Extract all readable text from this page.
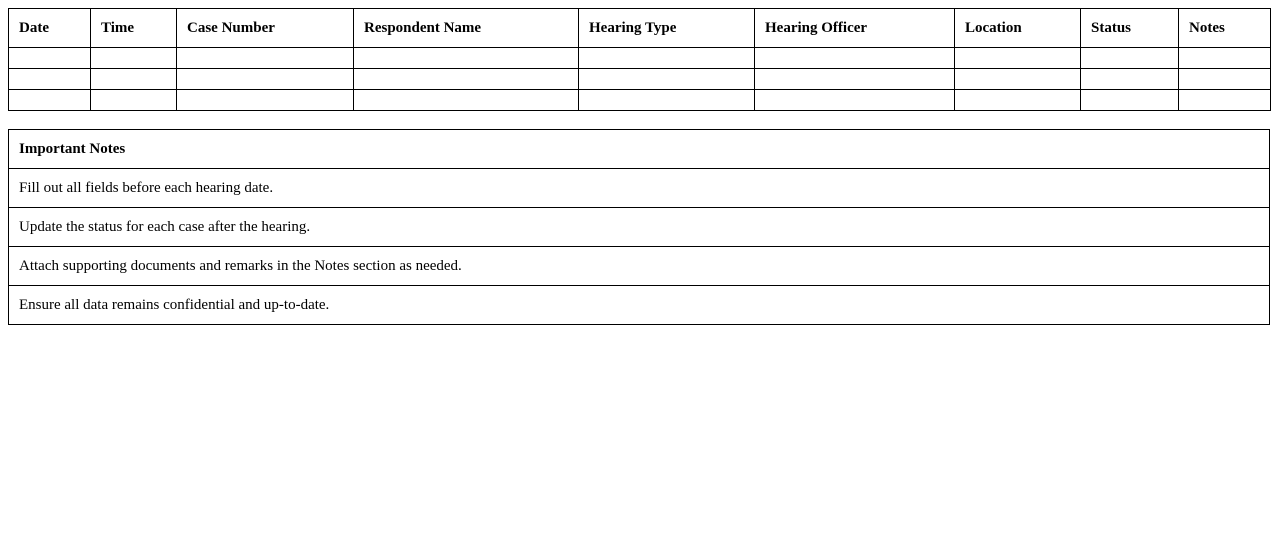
Date	Time	Case Number	Respondent Name	Hearing Type	Hearing Officer	Location	Status	Notes

Important Notes
Fill out all fields before each hearing date.
Update the status for each case after the hearing.
Attach supporting documents and remarks in the Notes section as needed.
Ensure all data remains confidential and up-to-date.
